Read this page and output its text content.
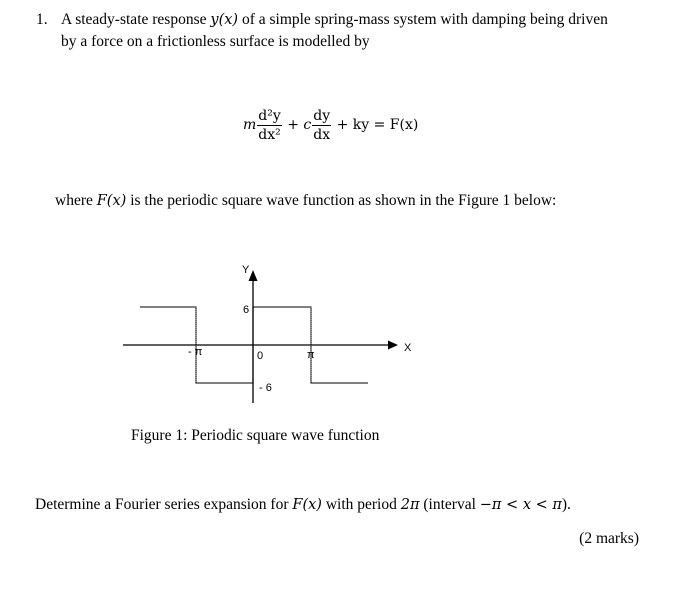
1. A steady-state response y(x) of a simple spring-mass system with damping being driven
by a force on a frictionless surface is modelled by
m $\frac{\text{d²y}}{\text{dx²}} + c \frac{dy}{dx}$ + ky = F(x)
where F(x) is the periodic square wave function as shown in the Figure 1 below:
Y
X
6
0
- 6
- π	π
Figure 1: Periodic square wave function
Determine a Fourier series expansion for F(x) with period 2π (interval −π < x < π).
(2 marks)
